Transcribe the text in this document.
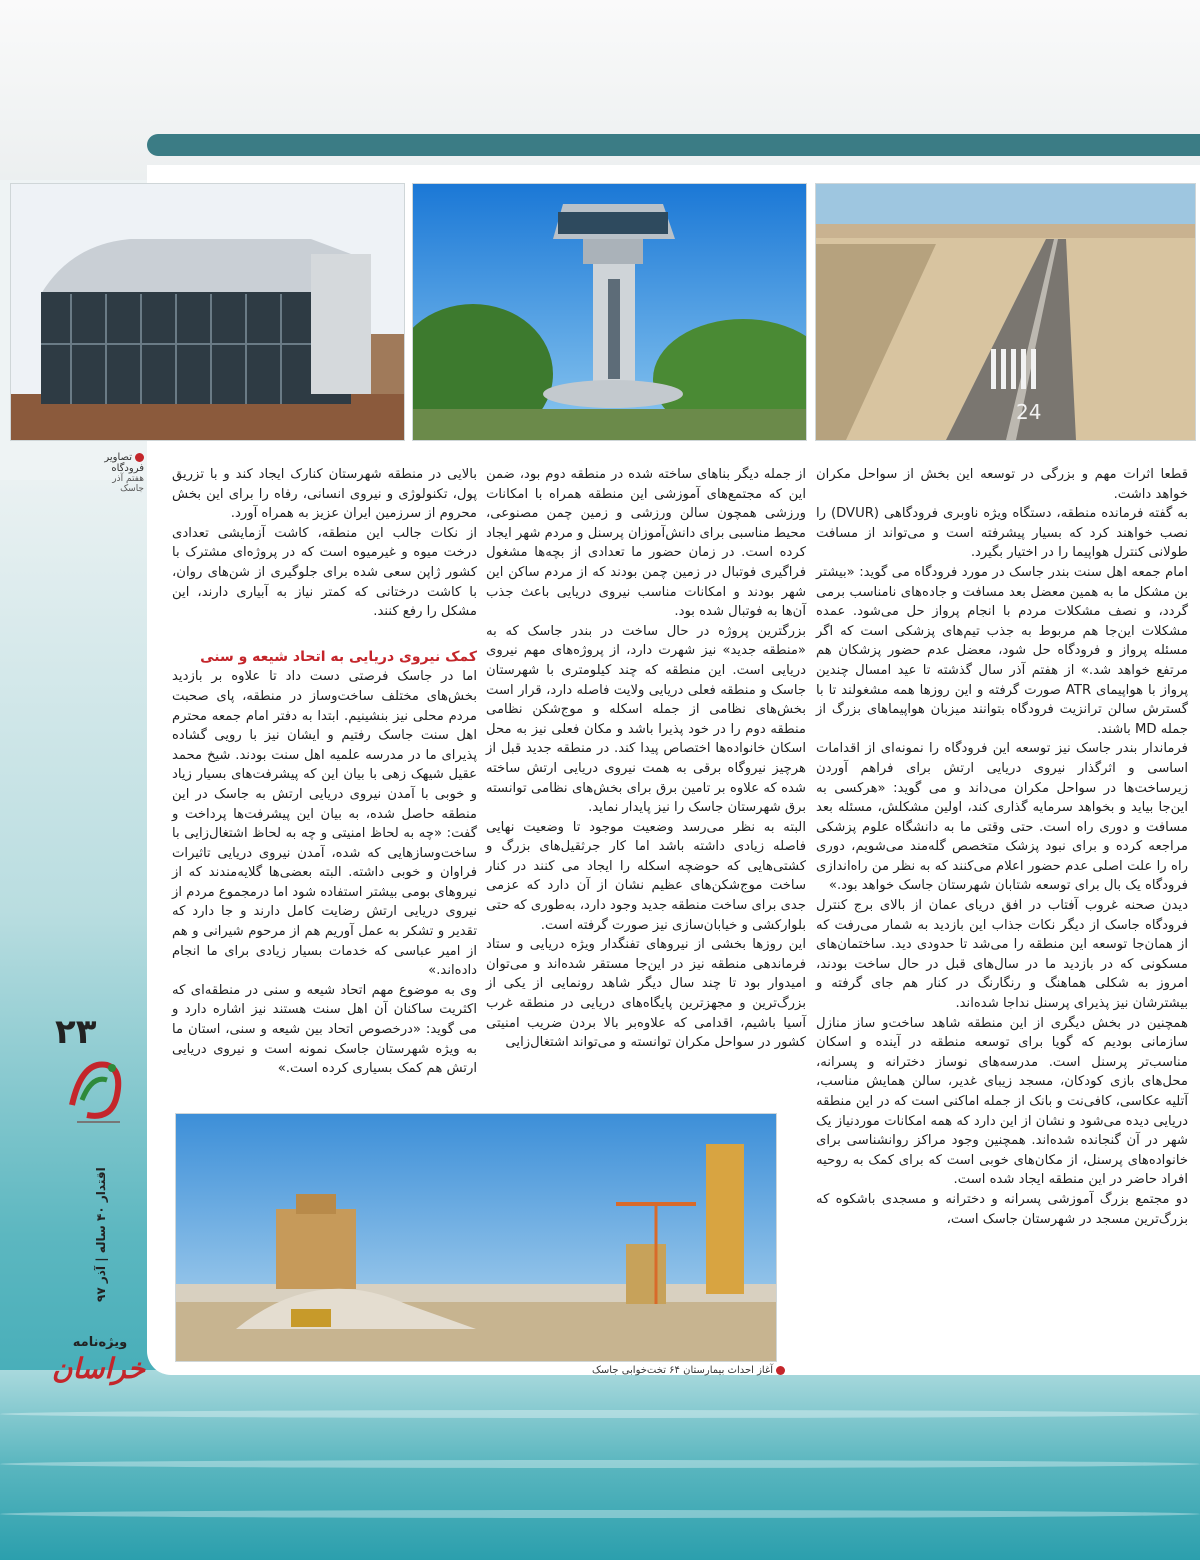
24
تصاویر فرودگاه
هفتم آذر جاسک

قطعا اثرات مهم و بزرگی در توسعه این بخش از سواحل مکران خواهد داشت.

به گفته فرمانده منطقه، دستگاه ویژه ناوبری فرودگاهی (DVUR) را نصب خواهند کرد که بسیار پیشرفته است و می‌تواند از مسافت طولانی کنترل هواپیما را در اختیار بگیرد.

امام جمعه اهل سنت بندر جاسک در مورد فرودگاه می گوید: «بیشتر بن مشکل ما به همین معضل بعد مسافت و جاده‌های نامناسب برمی گردد، و نصف مشکلات مردم با انجام پرواز حل می‌شود. عمده مشکلات این‌جا هم مربوط به جذب تیم‌های پزشکی است که اگر مسئله پرواز و فرودگاه حل شود، معضل عدم حضور پزشکان هم مرتفع خواهد شد.» از هفتم آذر سال گذشته تا عید امسال چندین پرواز با هواپیمای ATR صورت گرفته و این روزها همه مشغولند تا با گسترش سالن ترانزیت فرودگاه بتوانند میزبان هواپیماهای بزرگ از جمله MD باشند.

فرماندار بندر جاسک نیز توسعه این فرودگاه را نمونه‌ای از اقدامات اساسی و اثرگذار نیروی دریایی ارتش برای فراهم آوردن زیرساخت‌ها در سواحل مکران می‌داند و می گوید: «هرکسی به این‌جا بیاید و بخواهد سرمایه گذاری کند، اولین مشکلش، مسئله بعد مسافت و دوری راه است. حتی وقتی ما به دانشگاه علوم پزشکی مراجعه کرده و برای نبود پزشک متخصص گله‌مند می‌شویم، دوری راه را علت اصلی عدم حضور اعلام می‌کنند که به نظر من راه‌اندازی فرودگاه یک بال برای توسعه شتابان شهرستان جاسک خواهد بود.»

دیدن صحنه غروب آفتاب در افق دریای عمان از بالای برج کنترل فرودگاه جاسک از دیگر نکات جذاب این بازدید به شمار می‌رفت که از همان‌جا توسعه این منطقه را می‌شد تا حدودی دید. ساختمان‌های مسکونی که در بازدید ما در سال‌های قبل در حال ساخت بودند، امروز به شکلی هماهنگ و رنگارنگ در کنار هم جای گرفته و بیشترشان نیز پذیرای پرسنل نداجا شده‌اند.

همچنین در بخش دیگری از این منطقه شاهد ساخت‌و ساز منازل سازمانی بودیم که گویا برای توسعه منطقه در آینده و اسکان مناسب‌تر پرسنل است. مدرسه‌های نوساز دخترانه و پسرانه، محل‌های بازی کودکان، مسجد زیبای غدیر، سالن همایش مناسب، آتلیه عکاسی، کافی‌نت و بانک از جمله اماکنی است که در این منطقه دریایی دیده می‌شود و نشان از این دارد که همه امکانات موردنیاز یک شهر در آن گنجانده شده‌اند. همچنین وجود مراکز روانشناسی برای خانواده‌های پرسنل، از مکان‌های خوبی است که برای کمک به روحیه افراد حاضر در این منطقه ایجاد شده است.

دو مجتمع بزرگ آموزشی پسرانه و دخترانه و مسجدی باشکوه که بزرگ‌ترین مسجد در شهرستان جاسک است،

از جمله دیگر بناهای ساخته شده در منطقه دوم بود، ضمن این که مجتمع‌های آموزشی این منطقه همراه با امکانات ورزشی همچون سالن ورزشی و زمین چمن مصنوعی، محیط مناسبی برای دانش‌آموزان پرسنل و مردم شهر ایجاد کرده است. در زمان حضور ما تعدادی از بچه‌ها مشغول فراگیری فوتبال در زمین چمن بودند که از مردم ساکن این شهر بودند و امکانات مناسب نیروی دریایی باعث جذب آن‌ها به فوتبال شده بود.

بزرگترین پروژه در حال ساخت در بندر جاسک که به «منطقه جدید» نیز شهرت دارد، از پروژه‌های مهم نیروی دریایی است. این منطقه که چند کیلومتری با شهرستان جاسک و منطقه فعلی دریایی ولایت فاصله دارد، قرار است بخش‌های نظامی از جمله اسکله و موج‌شکن نظامی منطقه دوم را در خود پذیرا باشد و مکان فعلی نیز به محل اسکان خانواده‌ها اختصاص پیدا کند. در منطقه جدید قبل از هرچیز نیروگاه برقی به همت نیروی دریایی ارتش ساخته شده که علاوه بر تامین برق برای بخش‌های نظامی توانسته برق شهرستان جاسک را نیز پایدار نماید.

البته به نظر می‌رسد وضعیت موجود تا وضعیت نهایی فاصله زیادی داشته باشد اما کار جرثقیل‌های بزرگ و کشتی‌هایی که حوضچه اسکله را ایجاد می کنند در کنار ساخت موج‌شکن‌های عظیم نشان از آن دارد که عزمی جدی برای ساخت منطقه جدید وجود دارد، به‌طوری که حتی بلوارکشی و خیابان‌سازی نیز صورت گرفته است.

این روزها بخشی از نیروهای تفنگدار ویژه دریایی و ستاد فرماندهی منطقه نیز در این‌جا مستقر شده‌اند و می‌توان امیدوار بود تا چند سال دیگر شاهد رونمایی از یکی از بزرگ‌ترین و مجهزترین پایگاه‌های دریایی در منطقه غرب آسیا باشیم، اقدامی که علاوه‌بر بالا بردن ضریب امنیتی کشور در سواحل مکران توانسته و می‌تواند اشتغال‌زایی

بالایی در منطقه شهرستان کنارک ایجاد کند و با تزریق پول، تکنولوژی و نیروی انسانی، رفاه را برای این بخش محروم از سرزمین ایران عزیز به همراه آورد.

از نکات جالب این منطقه، کاشت آزمایشی تعدادی درخت میوه و غیرمیوه است که در پروژه‌ای مشترک با کشور ژاپن سعی شده برای جلوگیری از شن‌های روان، با کاشت درختانی که کمتر نیاز به آبیاری دارند، این مشکل را رفع کنند.

کمک نیروی دریایی به اتحاد شیعه و سنی

اما در جاسک فرصتی دست داد تا علاوه بر بازدید بخش‌های مختلف ساخت‌وساز در منطقه، پای صحبت مردم محلی نیز بنشینیم. ابتدا به دفتر امام جمعه محترم اهل سنت جاسک رفتیم و ایشان نیز با رویی گشاده پذیرای ما در مدرسه علمیه اهل سنت بودند. شیخ محمد عقیل شیهک زهی با بیان این که پیشرفت‌های بسیار زیاد و خوبی با آمدن نیروی دریایی ارتش به جاسک در این منطقه حاصل شده، به بیان این پیشرفت‌ها پرداخت و گفت: «چه به لحاظ امنیتی و چه به لحاظ اشتغال‌زایی با ساخت‌وسازهایی که شده، آمدن نیروی دریایی تاثیرات فراوان و خوبی داشته. البته بعضی‌ها گلایه‌مندند که از نیروهای بومی بیشتر استفاده شود اما درمجموع مردم از نیروی دریایی ارتش رضایت کامل دارند و جا دارد که تقدیر و تشکر به عمل آوریم هم از مرحوم شیرانی و هم از امیر عباسی که خدمات بسیار زیادی برای ما انجام داده‌اند.»

وی به موضوع مهم اتحاد شیعه و سنی در منطقه‌ای که اکثریت ساکنان آن اهل سنت هستند نیز اشاره دارد و می گوید: «درخصوص اتحاد بین شیعه و سنی، استان ما به ویژه شهرستان جاسک نمونه است و نیروی دریایی ارتش هم کمک بسیاری کرده است.»

آغاز احداث بیمارستان ۶۴ تخت‌خوابی جاسک
۲۳
اقتدار ۴۰ ساله | آذر ۹۷
ویژه‌نامه
خراسان
